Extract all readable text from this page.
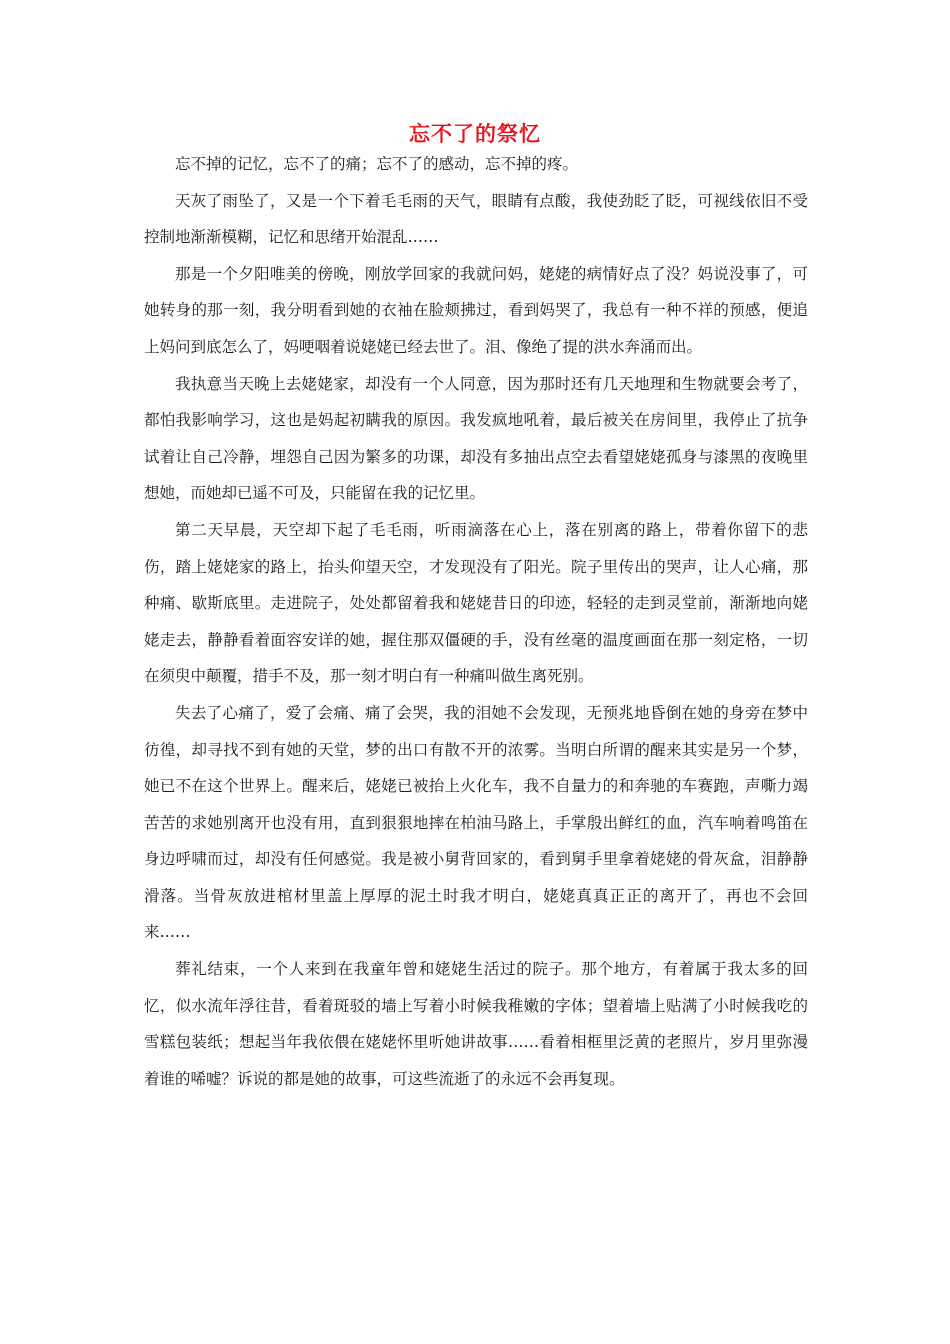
忘不了的祭忆

忘不掉的记忆，忘不了的痛；忘不了的感动，忘不掉的疼。

天灰了雨坠了，又是一个下着毛毛雨的天气，眼睛有点酸，我使劲眨了眨，可视线依旧不受控制地渐渐模糊，记忆和思绪开始混乱……

那是一个夕阳唯美的傍晚，刚放学回家的我就问妈，姥姥的病情好点了没？妈说没事了，可她转身的那一刻，我分明看到她的衣袖在脸颊拂过，看到妈哭了，我总有一种不祥的预感，便追上妈问到底怎么了，妈哽咽着说姥姥已经去世了。泪、像绝了提的洪水奔涌而出。

我执意当天晚上去姥姥家，却没有一个人同意，因为那时还有几天地理和生物就要会考了，都怕我影响学习，这也是妈起初瞒我的原因。我发疯地吼着，最后被关在房间里，我停止了抗争试着让自己冷静，埋怨自己因为繁多的功课，却没有多抽出点空去看望姥姥孤身与漆黑的夜晚里想她，而她却已遥不可及，只能留在我的记忆里。

第二天早晨，天空却下起了毛毛雨，听雨滴落在心上，落在别离的路上，带着你留下的悲伤，踏上姥姥家的路上，抬头仰望天空，才发现没有了阳光。院子里传出的哭声，让人心痛，那种痛、歇斯底里。走进院子，处处都留着我和姥姥昔日的印迹，轻轻的走到灵堂前，渐渐地向姥姥走去，静静看着面容安详的她，握住那双僵硬的手，没有丝毫的温度画面在那一刻定格，一切在须臾中颠覆，措手不及，那一刻才明白有一种痛叫做生离死别。

失去了心痛了，爱了会痛、痛了会哭，我的泪她不会发现，无预兆地昏倒在她的身旁在梦中彷徨，却寻找不到有她的天堂，梦的出口有散不开的浓雾。当明白所谓的醒来其实是另一个梦，她已不在这个世界上。醒来后，姥姥已被抬上火化车，我不自量力的和奔驰的车赛跑，声嘶力竭苦苦的求她别离开也没有用，直到狠狠地摔在柏油马路上，手掌殷出鲜红的血，汽车响着鸣笛在身边呼啸而过，却没有任何感觉。我是被小舅背回家的，看到舅手里拿着姥姥的骨灰盒，泪静静滑落。当骨灰放进棺材里盖上厚厚的泥土时我才明白，姥姥真真正正的离开了，再也不会回来……

葬礼结束，一个人来到在我童年曾和姥姥生活过的院子。那个地方，有着属于我太多的回忆，似水流年浮往昔，看着斑驳的墙上写着小时候我稚嫩的字体；望着墙上贴满了小时候我吃的雪糕包装纸；想起当年我依偎在姥姥怀里听她讲故事……看着相框里泛黄的老照片，岁月里弥漫着谁的唏嘘？诉说的都是她的故事，可这些流逝了的永远不会再复现。
